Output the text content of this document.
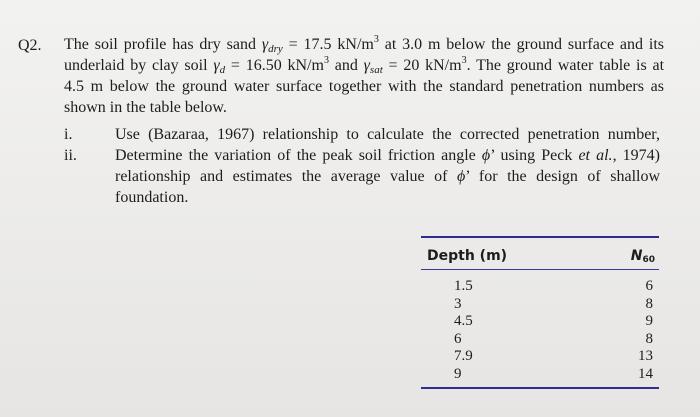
Q2. The soil profile has dry sand $\gamma_{dry} = 17.5$ $kN/m^3$ at 3.0 m below the ground surface and its
underlaid by clay soil $\gamma_d = 16.50$ $kN/m^3$ and $\gamma_{sat} = 20$ $kN/m^3$. The ground water table is at
4.5 m below the ground water surface together with the standard penetration numbers as
shown in the table below.
i.	Use (Bazaraa, 1967) relationship to calculate the corrected penetration number,
ii.	Determine the variation of the peak soil friction angle ϕ’ using Peck et al., 1974)
relationship and estimates the average value of ϕ’ for the design of shallow
foundation.
Depth (m)	$N_{60}$
1.5	6
3	8
4.5	9
6	8
7.9	13
9	14
